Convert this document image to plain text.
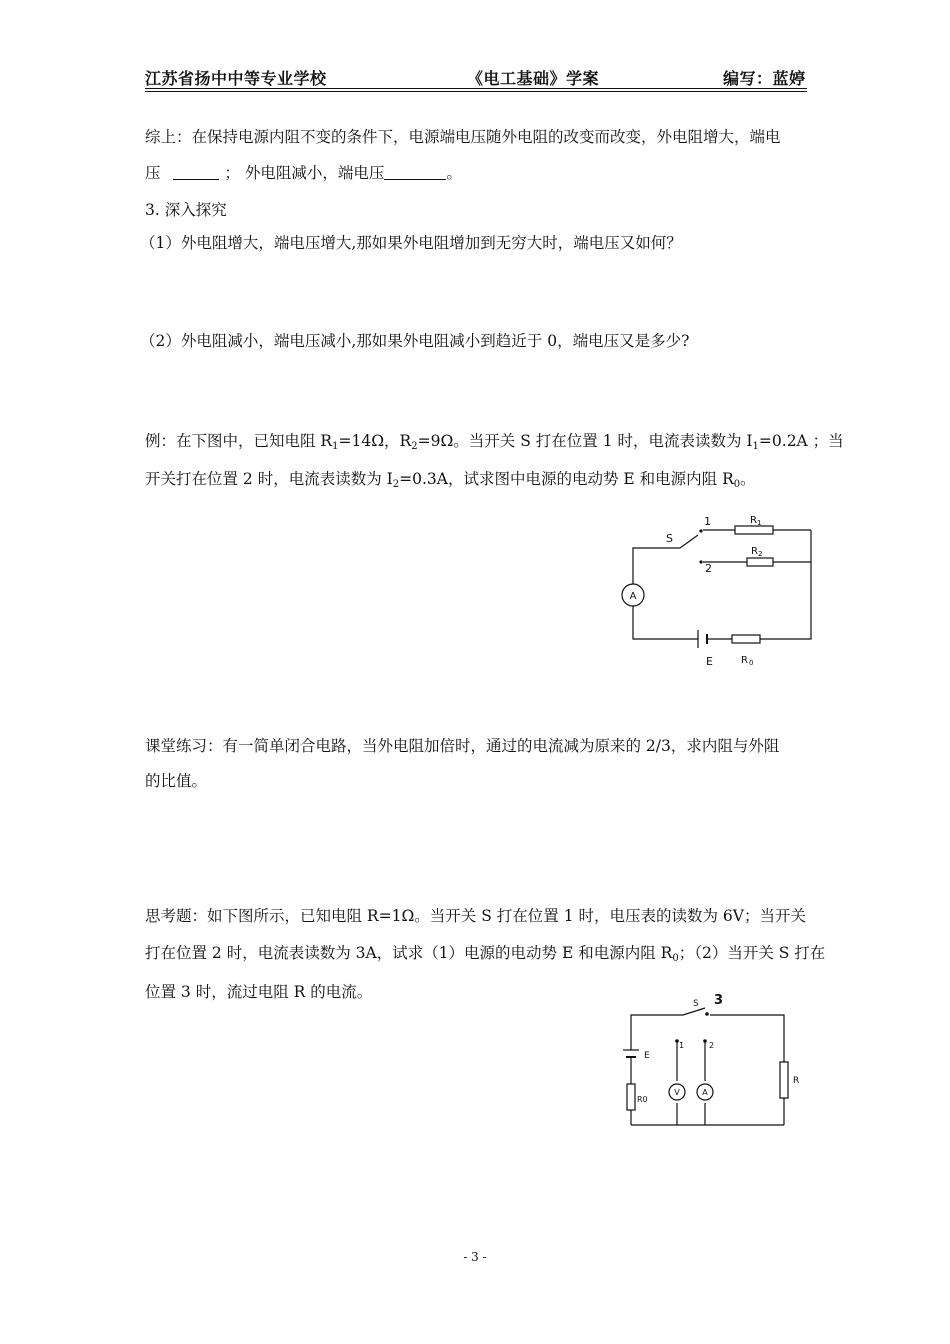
江苏省扬中中等专业学校	《电工基础》学案	编写：蓝婷
综上：在保持电源内阻不变的条件下，电源端电压随外电阻的改变而改变，外电阻增大，端电
压	； 外电阻减小，端电压	。
3. 深入探究
（1）外电阻增大，端电压增大,那如果外电阻增加到无穷大时，端电压又如何？
（2）外电阻减小，端电压减小,那如果外电阻减小到趋近于 0，端电压又是多少?
例：在下图中，已知电阻 $R_1=14\Omega$，$R_2=9\Omega$。当开关 S 打在位置 1 时，电流表读数为 $I_1=0.2A$ ；当
开关打在位置 2 时，电流表读数为 $I_2=0.3A$，试求图中电源的电动势 E 和电源内阻 $R_0$。
A
1
2
S
$R_1$
$R_2$
E	$R_0$
课堂练习：有一简单闭合电路，当外电阻加倍时，通过的电流减为原来的 2/3，求内阻与外阻
的比值。
思考题：如下图所示，已知电阻 R=1Ω。当开关 S 打在位置 1 时，电压表的读数为 6V；当开关
打在位置 2 时，电流表读数为 3A，试求（1）电源的电动势 E 和电源内阻 $R_0$；（2）当开关 S 打在
位置 3 时，流过电阻 R 的电流。
V	A
S 3
1	2
E
R0
R
- 3 -
